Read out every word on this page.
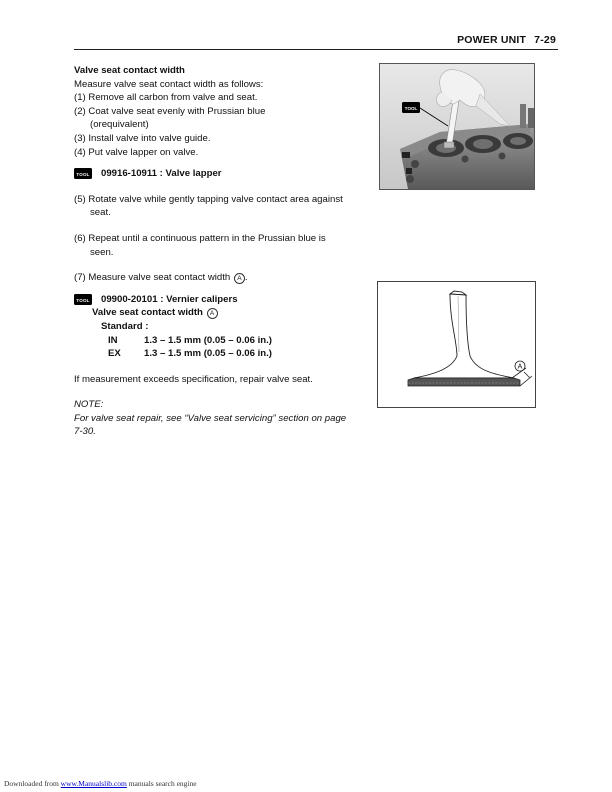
POWER UNIT 7-29

Valve seat contact width

Measure valve seat contact width as follows:

(1) Remove all carbon from valve and seat.

(2) Coat valve seat evenly with Prussian blue

(orequivalent)

(3) Install valve into valve guide.

(4) Put valve lapper on valve.

TOOL 09916-10911 : Valve lapper

(5) Rotate valve while gently tapping valve contact area against

seat.

(6) Repeat until a continuous pattern in the Prussian blue is

seen.

(7) Measure valve seat contact width A .

TOOL 09900-20101 : Vernier calipers

Valve seat contact width A

Standard :

IN	1.3 – 1.5 mm (0.05 – 0.06 in.)
EX	1.3 – 1.5 mm (0.05 – 0.06 in.)

If measurement exceeds specification, repair valve seat.

NOTE:

For valve seat repair, see “Valve seat servicing” section on page

7-30.

TOOL
A
Downloaded from www.Manualslib.com manuals search engine
